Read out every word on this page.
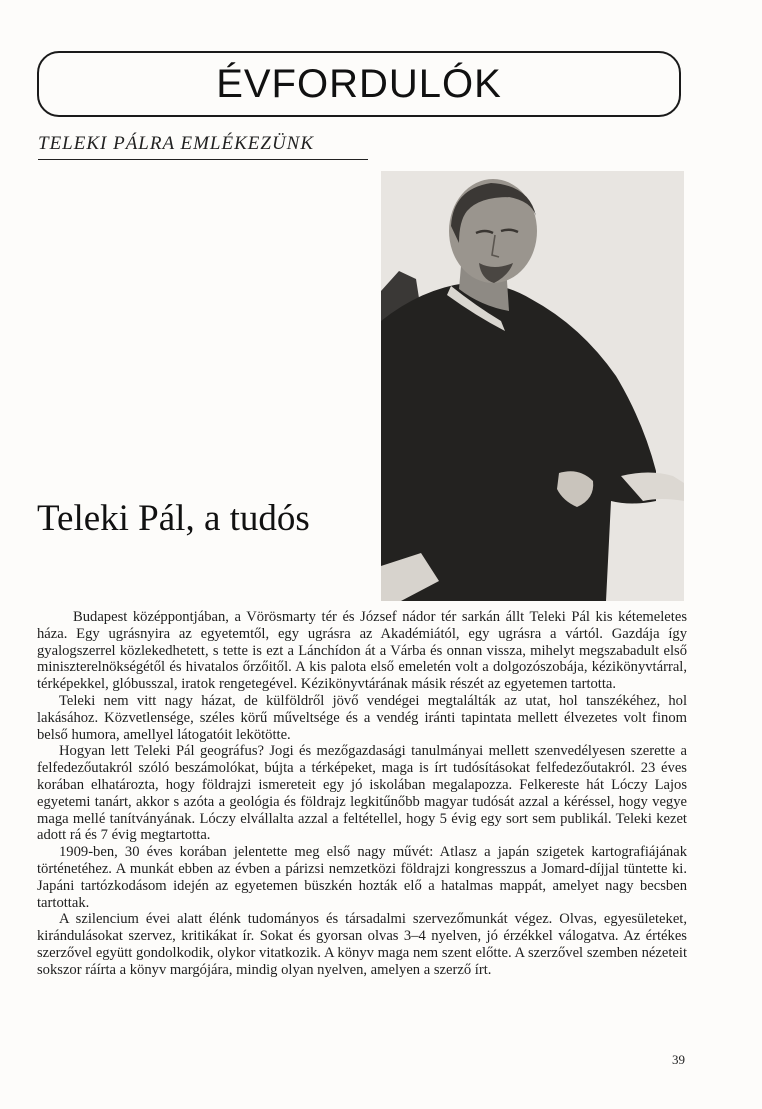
ÉVFORDULÓK
TELEKI PÁLRA EMLÉKEZÜNK
Teleki Pál, a tudós

Budapest középpontjában, a Vörösmarty tér és József nádor tér sarkán állt Teleki Pál kis kétemeletes háza. Egy ugrásnyira az egyetemtől, egy ugrásra az Akadémiától, egy ugrásra a vártól. Gazdája így gyalogszerrel közlekedhetett, s tette is ezt a Lánchídon át a Várba és onnan vissza, mihelyt megszabadult első miniszterelnökségétől és hivatalos őrzőitől. A kis palota első emeletén volt a dolgozószobája, kézikönyvtárral, térképekkel, glóbusszal, iratok rengetegével. Kézikönyvtárának másik részét az egyetemen tartotta.

Teleki nem vitt nagy házat, de külföldről jövő vendégei megtalálták az utat, hol tanszékéhez, hol lakásához. Közvetlensége, széles körű műveltsége és a vendég iránti tapintata mellett élvezetes volt finom belső humora, amellyel látogatóit lekötötte.

Hogyan lett Teleki Pál geográfus? Jogi és mezőgazdasági tanulmányai mellett szenvedélyesen szerette a felfedezőutakról szóló beszámolókat, bújta a térképeket, maga is írt tudósításokat felfedezőutakról. 23 éves korában elhatározta, hogy földrajzi ismereteit egy jó iskolában megalapozza. Felkereste hát Lóczy Lajos egyetemi tanárt, akkor s azóta a geológia és földrajz legkitűnőbb magyar tudósát azzal a kéréssel, hogy vegye maga mellé tanítványának. Lóczy elvállalta azzal a feltétellel, hogy 5 évig egy sort sem publikál. Teleki kezet adott rá és 7 évig megtartotta.

1909-ben, 30 éves korában jelentette meg első nagy művét: Atlasz a japán szigetek kartografiájának történetéhez. A munkát ebben az évben a párizsi nemzetközi földrajzi kongresszus a Jomard-díjjal tüntette ki. Japáni tartózkodásom idején az egyetemen büszkén hozták elő a hatalmas mappát, amelyet nagy becsben tartottak.

A szilencium évei alatt élénk tudományos és társadalmi szervezőmunkát végez. Olvas, egyesületeket, kirándulásokat szervez, kritikákat ír. Sokat és gyorsan olvas 3–4 nyelven, jó érzékkel válogatva. Az értékes szerzővel együtt gondolkodik, olykor vitatkozik. A könyv maga nem szent előtte. A szerzővel szemben nézeteit sokszor ráírta a könyv margójára, mindig olyan nyelven, amelyen a szerző írt.

39
